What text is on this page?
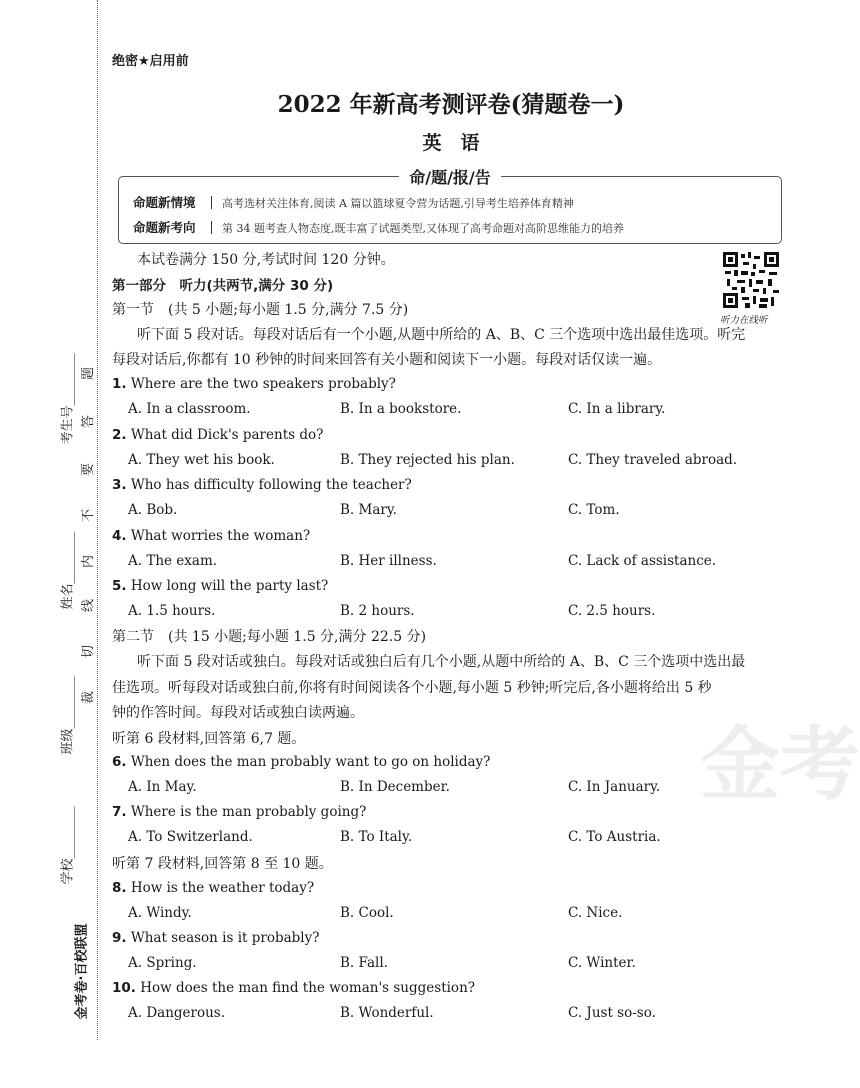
绝密★启用前
2022 年新高考测评卷(猜题卷一)
英　语
命/题/报/告
命题新情境 高考选材关注体育,阅读 A 篇以篮球夏令营为话题,引导考生培养体育精神
命题新考向 第 34 题考查人物态度,既丰富了试题类型,又体现了高考命题对高阶思维能力的培养
听力在线听
金考
考生号________
姓名________
班级________
学校________
金考卷·百校联盟
裁
切
线
内
不
要
答
题
本试卷满分 150 分,考试时间 120 分钟。
第一部分　听力(共两节,满分 30 分)
第一节　(共 5 小题;每小题 1.5 分,满分 7.5 分)
听下面 5 段对话。每段对话后有一个小题,从题中所给的 A、B、C 三个选项中选出最佳选项。听完
每段对话后,你都有 10 秒钟的时间来回答有关小题和阅读下一小题。每段对话仅读一遍。
第二节　(共 15 小题;每小题 1.5 分,满分 22.5 分)
听下面 5 段对话或独白。每段对话或独白后有几个小题,从题中所给的 A、B、C 三个选项中选出最
佳选项。听每段对话或独白前,你将有时间阅读各个小题,每小题 5 秒钟;听完后,各小题将给出 5 秒
钟的作答时间。每段对话或独白读两遍。
听第 6 段材料,回答第 6,7 题。
听第 7 段材料,回答第 8 至 10 题。
1. Where are the two speakers probably?
A. In a classroom.	B. In a bookstore.	C. In a library.
2. What did Dick's parents do?
A. They wet his book.	B. They rejected his plan.	C. They traveled abroad.
3. Who has difficulty following the teacher?
A. Bob.	B. Mary.	C. Tom.
4. What worries the woman?
A. The exam.	B. Her illness.	C. Lack of assistance.
5. How long will the party last?
A. 1.5 hours.	B. 2 hours.	C. 2.5 hours.
6. When does the man probably want to go on holiday?
A. In May.	B. In December.	C. In January.
7. Where is the man probably going?
A. To Switzerland.	B. To Italy.	C. To Austria.
8. How is the weather today?
A. Windy.	B. Cool.	C. Nice.
9. What season is it probably?
A. Spring.	B. Fall.	C. Winter.
10. How does the man find the woman's suggestion?
A. Dangerous.	B. Wonderful.	C. Just so-so.
